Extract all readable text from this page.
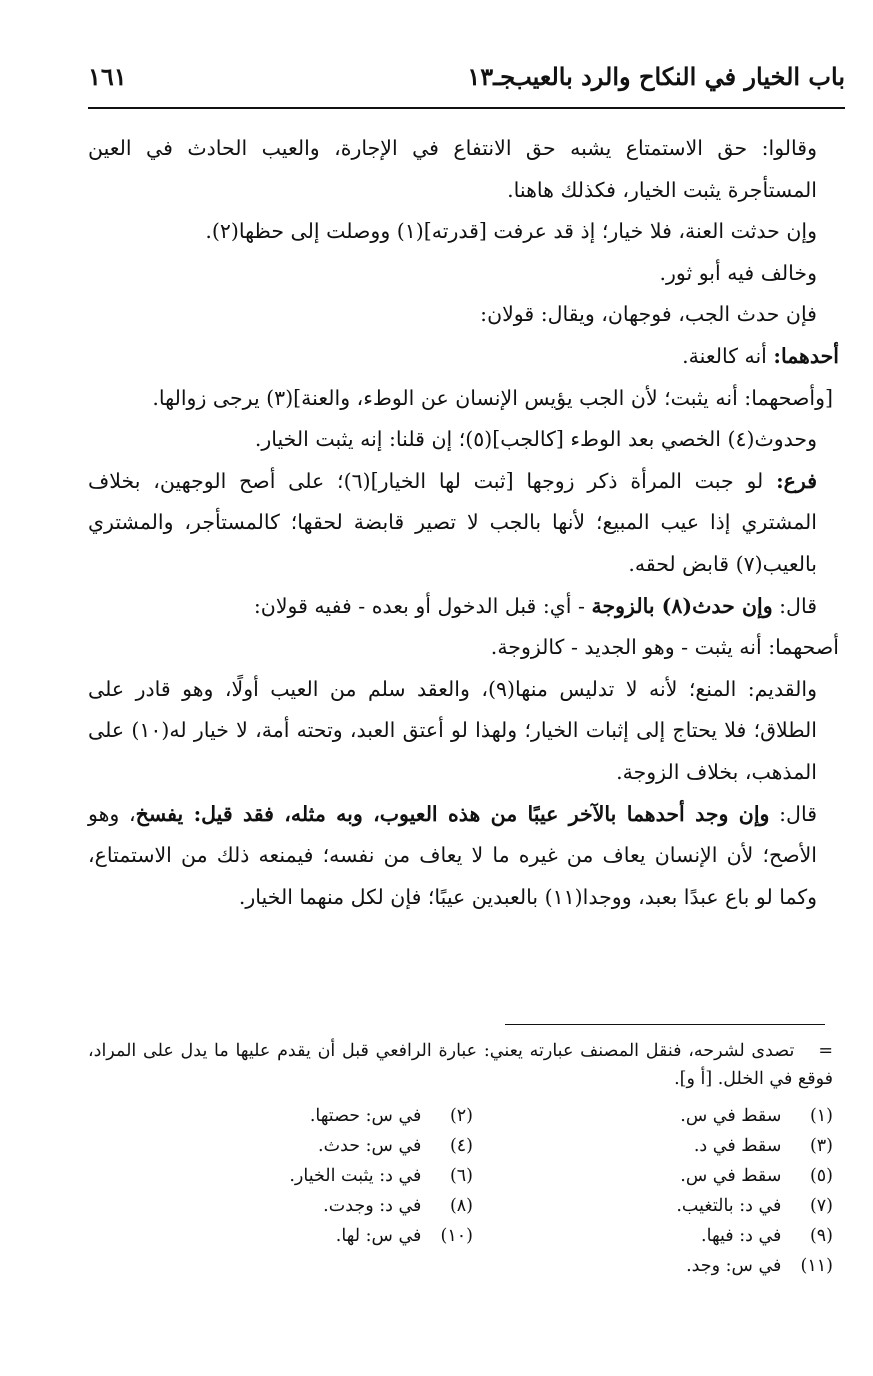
باب الخيار في النكاح والرد بالعيب
جـ١٣
١٦١

وقالوا: حق الاستمتاع يشبه حق الانتفاع في الإجارة، والعيب الحادث في العين المستأجرة يثبت الخيار، فكذلك هاهنا.

وإن حدثت العنة، فلا خيار؛ إذ قد عرفت [قدرته](١) ووصلت إلى حظها(٢).

وخالف فيه أبو ثور.

فإن حدث الجب، فوجهان، ويقال: قولان:

أحدهما: أنه كالعنة.

[وأصحهما: أنه يثبت؛ لأن الجب يؤيس الإنسان عن الوطء، والعنة](٣) يرجى زوالها.

وحدوث(٤) الخصي بعد الوطء [كالجب](٥)؛ إن قلنا: إنه يثبت الخيار.

فرع: لو جبت المرأة ذكر زوجها [ثبت لها الخيار](٦)؛ على أصح الوجهين، بخلاف المشتري إذا عيب المبيع؛ لأنها بالجب لا تصير قابضة لحقها؛ كالمستأجر، والمشتري بالعيب(٧) قابض لحقه.

قال: وإن حدث(٨) بالزوجة - أي: قبل الدخول أو بعده - ففيه قولان:

أصحهما: أنه يثبت - وهو الجديد - كالزوجة.

والقديم: المنع؛ لأنه لا تدليس منها(٩)، والعقد سلم من العيب أولًا، وهو قادر على الطلاق؛ فلا يحتاج إلى إثبات الخيار؛ ولهذا لو أعتق العبد، وتحته أمة، لا خيار له(١٠) على المذهب، بخلاف الزوجة.

قال: وإن وجد أحدهما بالآخر عيبًا من هذه العيوب، وبه مثله، فقد قيل: يفسخ، وهو الأصح؛ لأن الإنسان يعاف من غيره ما لا يعاف من نفسه؛ فيمنعه ذلك من الاستمتاع، وكما لو باع عبدًا بعبد، ووجدا(١١) بالعبدين عيبًا؛ فإن لكل منهما الخيار.

=
تصدى لشرحه، فنقل المصنف عبارته يعني: عبارة الرافعي قبل أن يقدم عليها ما يدل على المراد، فوقع في الخلل. [أ و].

(١) سقط في س.
(٣) سقط في د.
(٥) سقط في س.
(٧) في د: بالتغيب.
(٩) في د: فيها.
(١١) في س: وجد.
(٢) في س: حصتها.
(٤) في س: حدث.
(٦) في د: يثبت الخيار.
(٨) في د: وجدت.
(١٠) في س: لها.
